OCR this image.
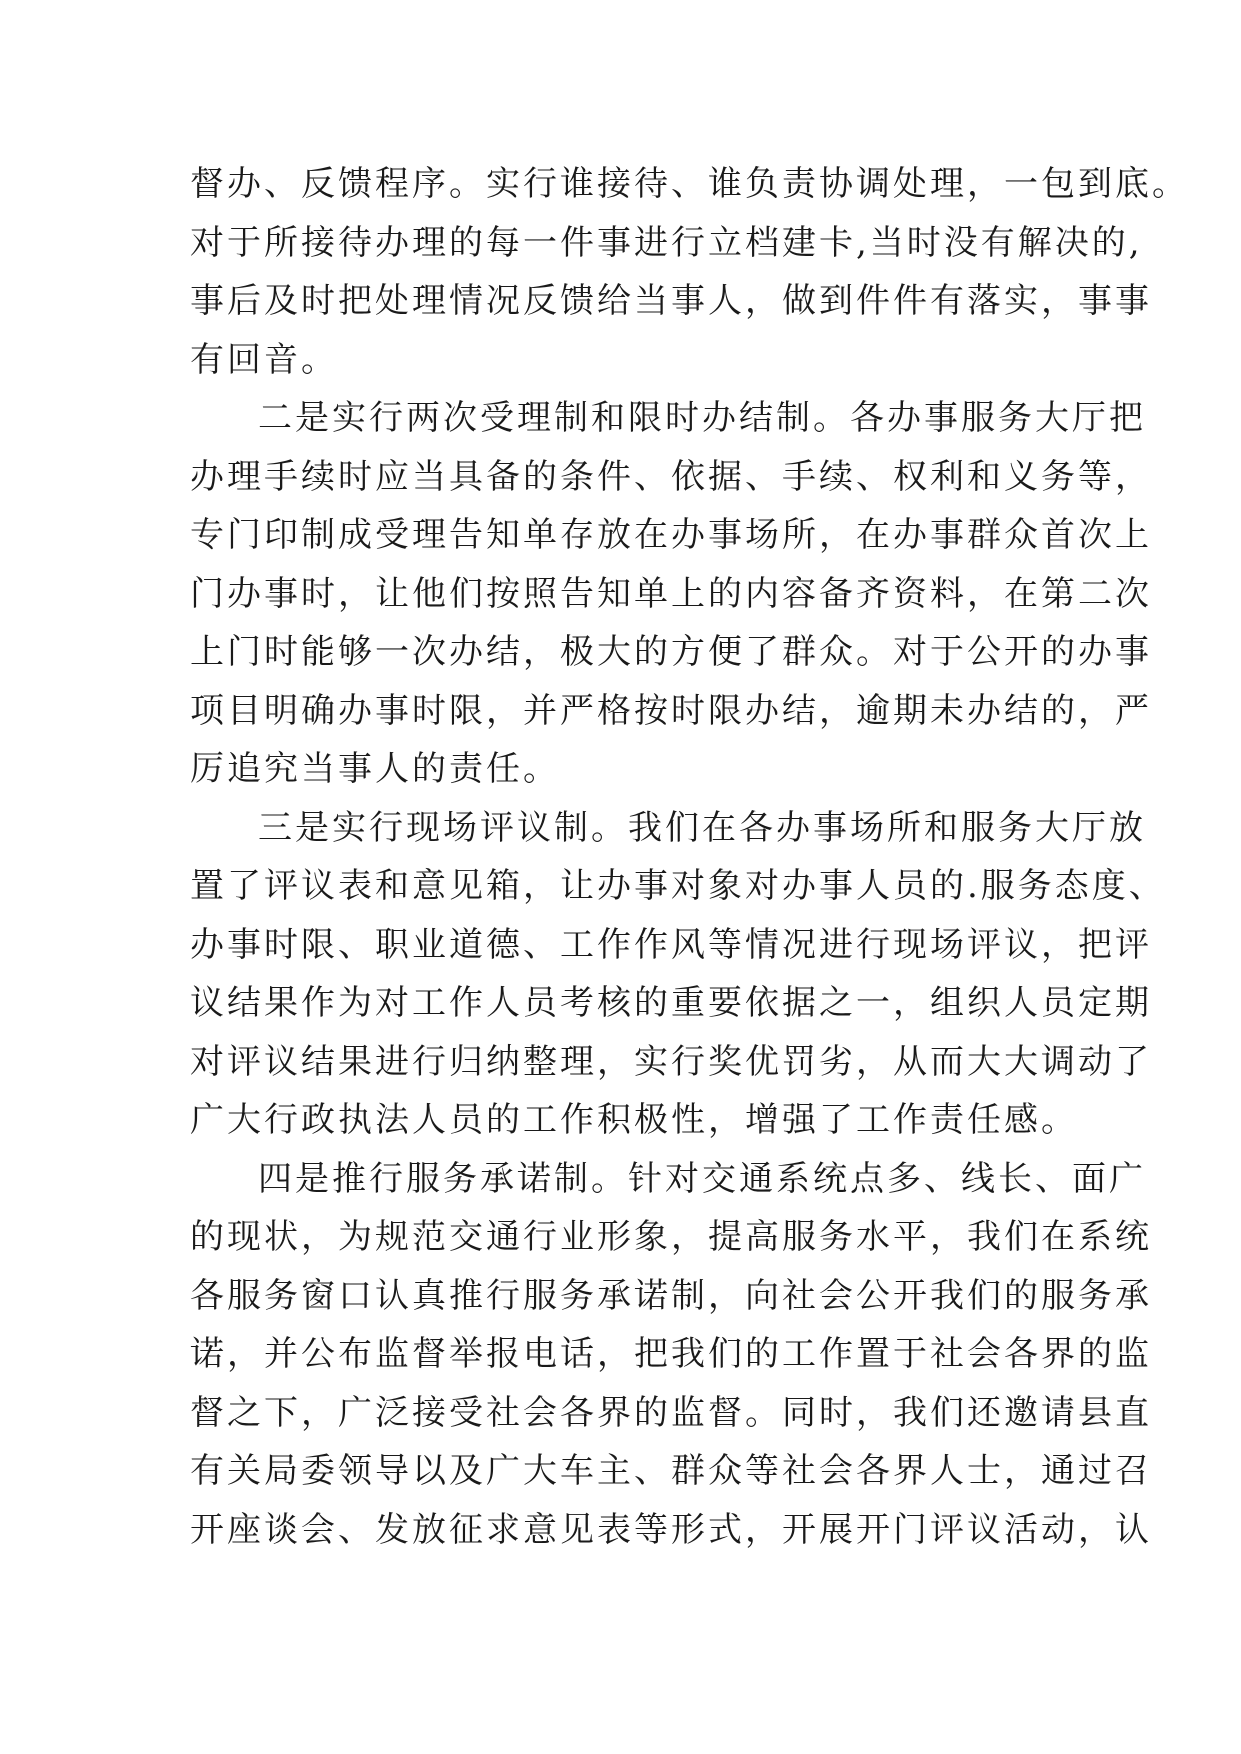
督办、反馈程序。实行谁接待、谁负责协调处理，一包到底。
对于所接待办理的每一件事进行立档建卡,当时没有解决的,
事后及时把处理情况反馈给当事人，做到件件有落实，事事
有回音。
二是实行两次受理制和限时办结制。各办事服务大厅把
办理手续时应当具备的条件、依据、手续、权利和义务等，
专门印制成受理告知单存放在办事场所，在办事群众首次上
门办事时，让他们按照告知单上的内容备齐资料，在第二次
上门时能够一次办结，极大的方便了群众。对于公开的办事
项目明确办事时限，并严格按时限办结，逾期未办结的，严
厉追究当事人的责任。
三是实行现场评议制。我们在各办事场所和服务大厅放
置了评议表和意见箱，让办事对象对办事人员的.服务态度、
办事时限、职业道德、工作作风等情况进行现场评议，把评
议结果作为对工作人员考核的重要依据之一，组织人员定期
对评议结果进行归纳整理，实行奖优罚劣，从而大大调动了
广大行政执法人员的工作积极性，增强了工作责任感。
四是推行服务承诺制。针对交通系统点多、线长、面广
的现状，为规范交通行业形象，提高服务水平，我们在系统
各服务窗口认真推行服务承诺制，向社会公开我们的服务承
诺，并公布监督举报电话，把我们的工作置于社会各界的监
督之下，广泛接受社会各界的监督。同时，我们还邀请县直
有关局委领导以及广大车主、群众等社会各界人士，通过召
开座谈会、发放征求意见表等形式，开展开门评议活动，认
